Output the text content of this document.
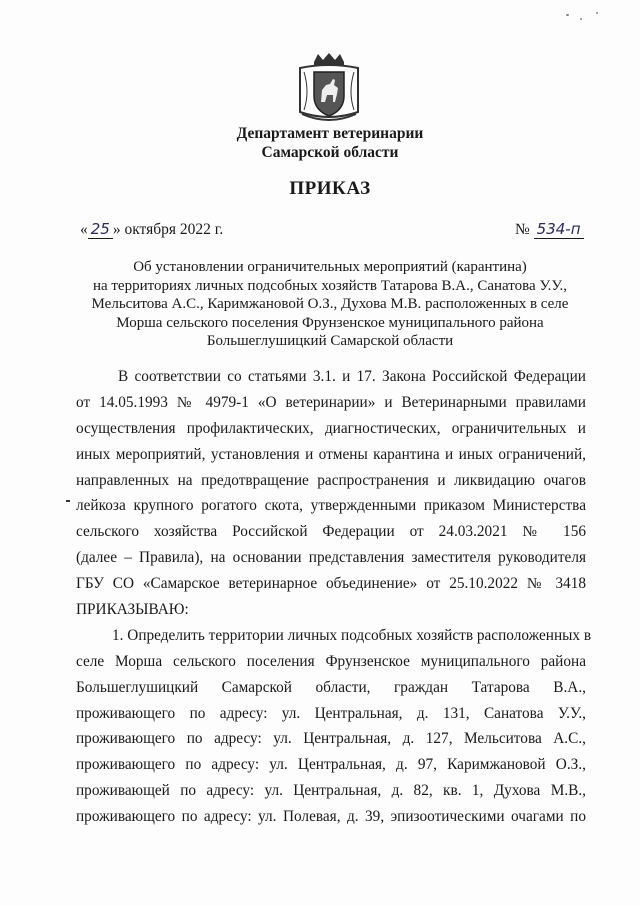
Департамент ветеринарии
Самарской области
ПРИКАЗ
« 25 » октября 2022 г.	№ 534-п
Об установлении ограничительных мероприятий (карантина)
на территориях личных подсобных хозяйств Татарова В.А., Санатова У.У.,
Мельситова А.С., Каримжановой О.З., Духова М.В. расположенных в селе
Морша сельского поселения Фрунзенское муниципального района
Большеглушицкий Самарской области
В соответствии со статьями 3.1. и 17. Закона Российской Федерации
от 14.05.1993 № 4979-1 «О ветеринарии» и Ветеринарными правилами
осуществления профилактических, диагностических, ограничительных и
иных мероприятий, установления и отмены карантина и иных ограничений,
направленных на предотвращение распространения и ликвидацию очагов
лейкоза крупного рогатого скота, утвержденными приказом Министерства
сельского хозяйства Российской Федерации от 24.03.2021 № 156
(далее – Правила), на основании представления заместителя руководителя
ГБУ СО «Самарское ветеринарное объединение» от 25.10.2022 № 3418
ПРИКАЗЫВАЮ:
1. Определить территории личных подсобных хозяйств расположенных в
селе Морша сельского поселения Фрунзенское муниципального района
Большеглушицкий Самарской области, граждан Татарова В.А.,
проживающего по адресу: ул. Центральная, д. 131, Санатова У.У.,
проживающего по адресу: ул. Центральная, д. 127, Мельситова А.С.,
проживающего по адресу: ул. Центральная, д. 97, Каримжановой О.З.,
проживающей по адресу: ул. Центральная, д. 82, кв. 1, Духова М.В.,
проживающего по адресу: ул. Полевая, д. 39, эпизоотическими очагами по
